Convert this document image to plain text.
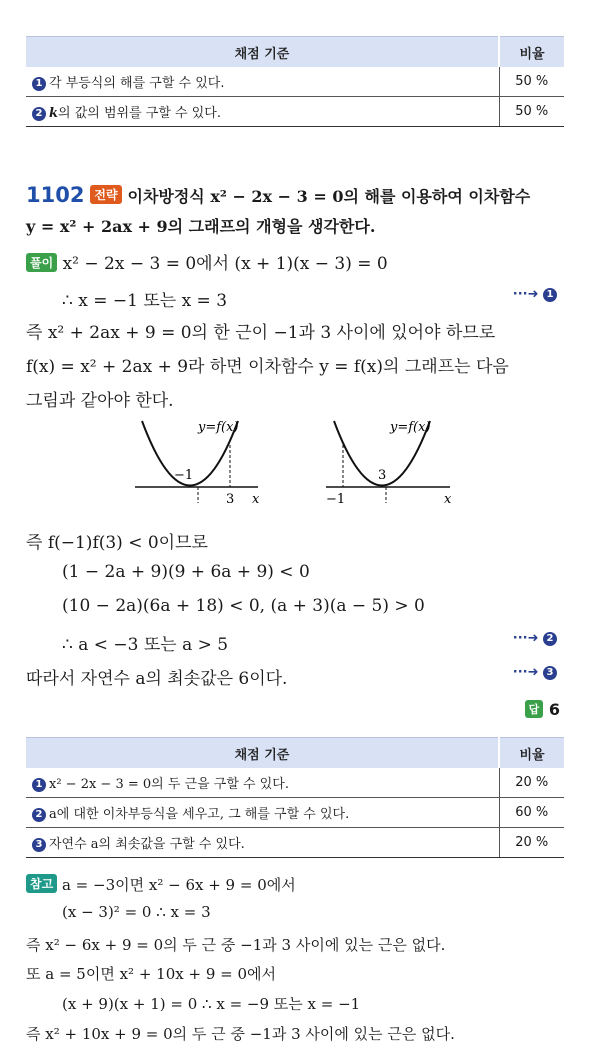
채점 기준	비율
1 각 부등식의 해를 구할 수 있다.	50 %
2 k의 값의 범위를 구할 수 있다.	50 %
1102 전략 이차방정식 x² − 2x − 3 = 0의 해를 이용하여 이차함수
y = x² + 2ax + 9의 그래프의 개형을 생각한다.
풀이 x² − 2x − 3 = 0에서 (x + 1)(x − 3) = 0
∴ x = −1 또는 x = 3	···➜ 1
즉 x² + 2ax + 9 = 0의 한 근이 −1과 3 사이에 있어야 하므로
f(x) = x² + 2ax + 9라 하면 이차함수 y = f(x)의 그래프는 다음
그림과 같아야 한다.
y=f(x)
−1
3 x
y=f(x)
−1
3
x
즉 f(−1)f(3) < 0이므로
(1 − 2a + 9)(9 + 6a + 9) < 0
(10 − 2a)(6a + 18) < 0, (a + 3)(a − 5) > 0
∴ a < −3 또는 a > 5	···➜ 2
따라서 자연수 a의 최솟값은 6이다.	···➜ 3
답 6
채점 기준	비율
1 x² − 2x − 3 = 0의 두 근을 구할 수 있다.	20 %
2 a에 대한 이차부등식을 세우고, 그 해를 구할 수 있다.	60 %
3 자연수 a의 최솟값을 구할 수 있다.	20 %
참고 a = −3이면 x² − 6x + 9 = 0에서
(x − 3)² = 0 ∴ x = 3
즉 x² − 6x + 9 = 0의 두 근 중 −1과 3 사이에 있는 근은 없다.
또 a = 5이면 x² + 10x + 9 = 0에서
(x + 9)(x + 1) = 0 ∴ x = −9 또는 x = −1
즉 x² + 10x + 9 = 0의 두 근 중 −1과 3 사이에 있는 근은 없다.
